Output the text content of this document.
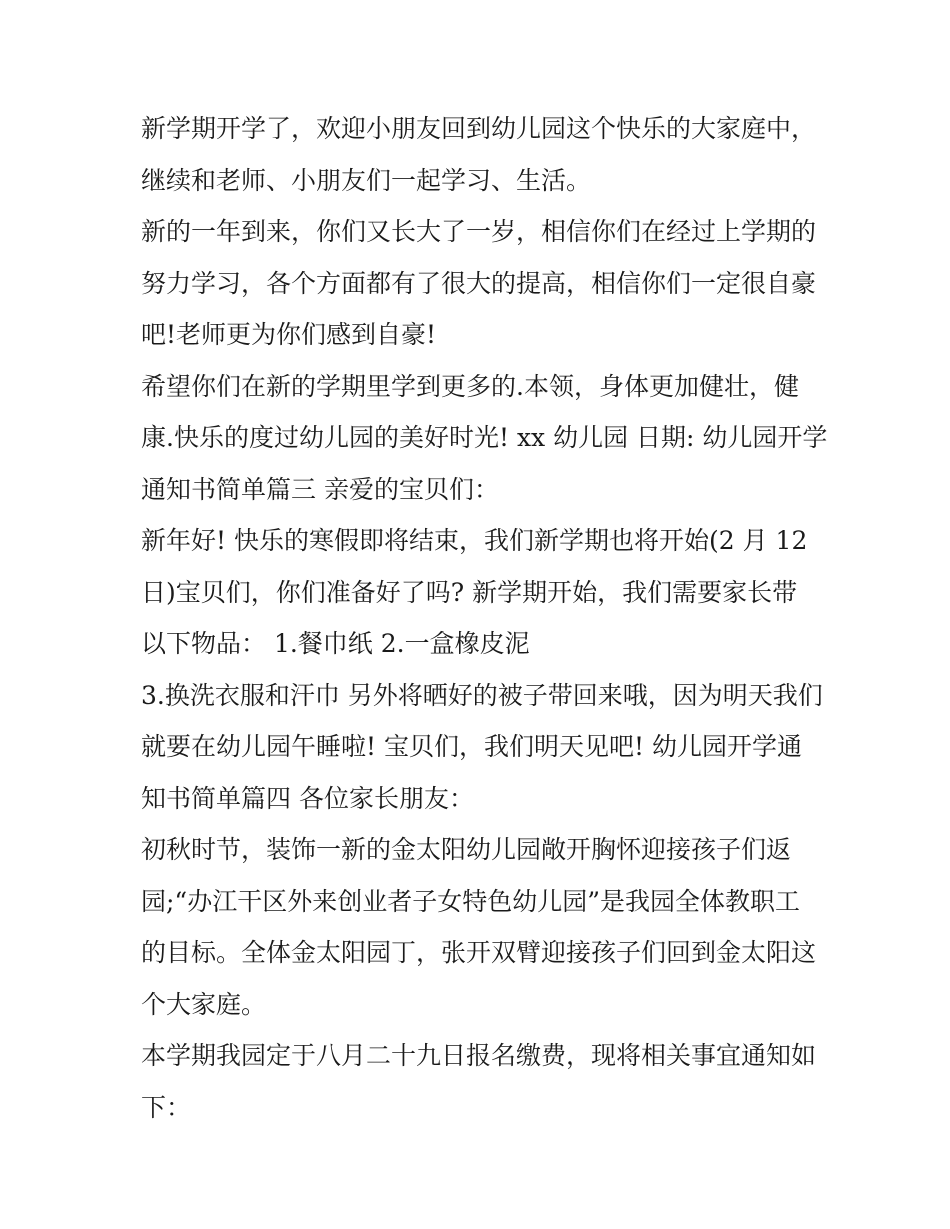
新学期开学了，欢迎小朋友回到幼儿园这个快乐的大家庭中，
继续和老师、小朋友们一起学习、生活。
新的一年到来，你们又长大了一岁，相信你们在经过上学期的
努力学习，各个方面都有了很大的提高，相信你们一定很自豪
吧!老师更为你们感到自豪!
希望你们在新的学期里学到更多的.本领，身体更加健壮，健
康.快乐的度过幼儿园的美好时光! xx 幼儿园 日期: 幼儿园开学
通知书简单篇三 亲爱的宝贝们：
新年好! 快乐的寒假即将结束，我们新学期也将开始(2 月 12
日)宝贝们，你们准备好了吗? 新学期开始，我们需要家长带
以下物品： 1.餐巾纸 2.一盒橡皮泥
3.换洗衣服和汗巾 另外将晒好的被子带回来哦，因为明天我们
就要在幼儿园午睡啦! 宝贝们，我们明天见吧! 幼儿园开学通
知书简单篇四 各位家长朋友：
初秋时节，装饰一新的金太阳幼儿园敞开胸怀迎接孩子们返
园;“办江干区外来创业者子女特色幼儿园”是我园全体教职工
的目标。全体金太阳园丁，张开双臂迎接孩子们回到金太阳这
个大家庭。
本学期我园定于八月二十九日报名缴费，现将相关事宜通知如
下：
